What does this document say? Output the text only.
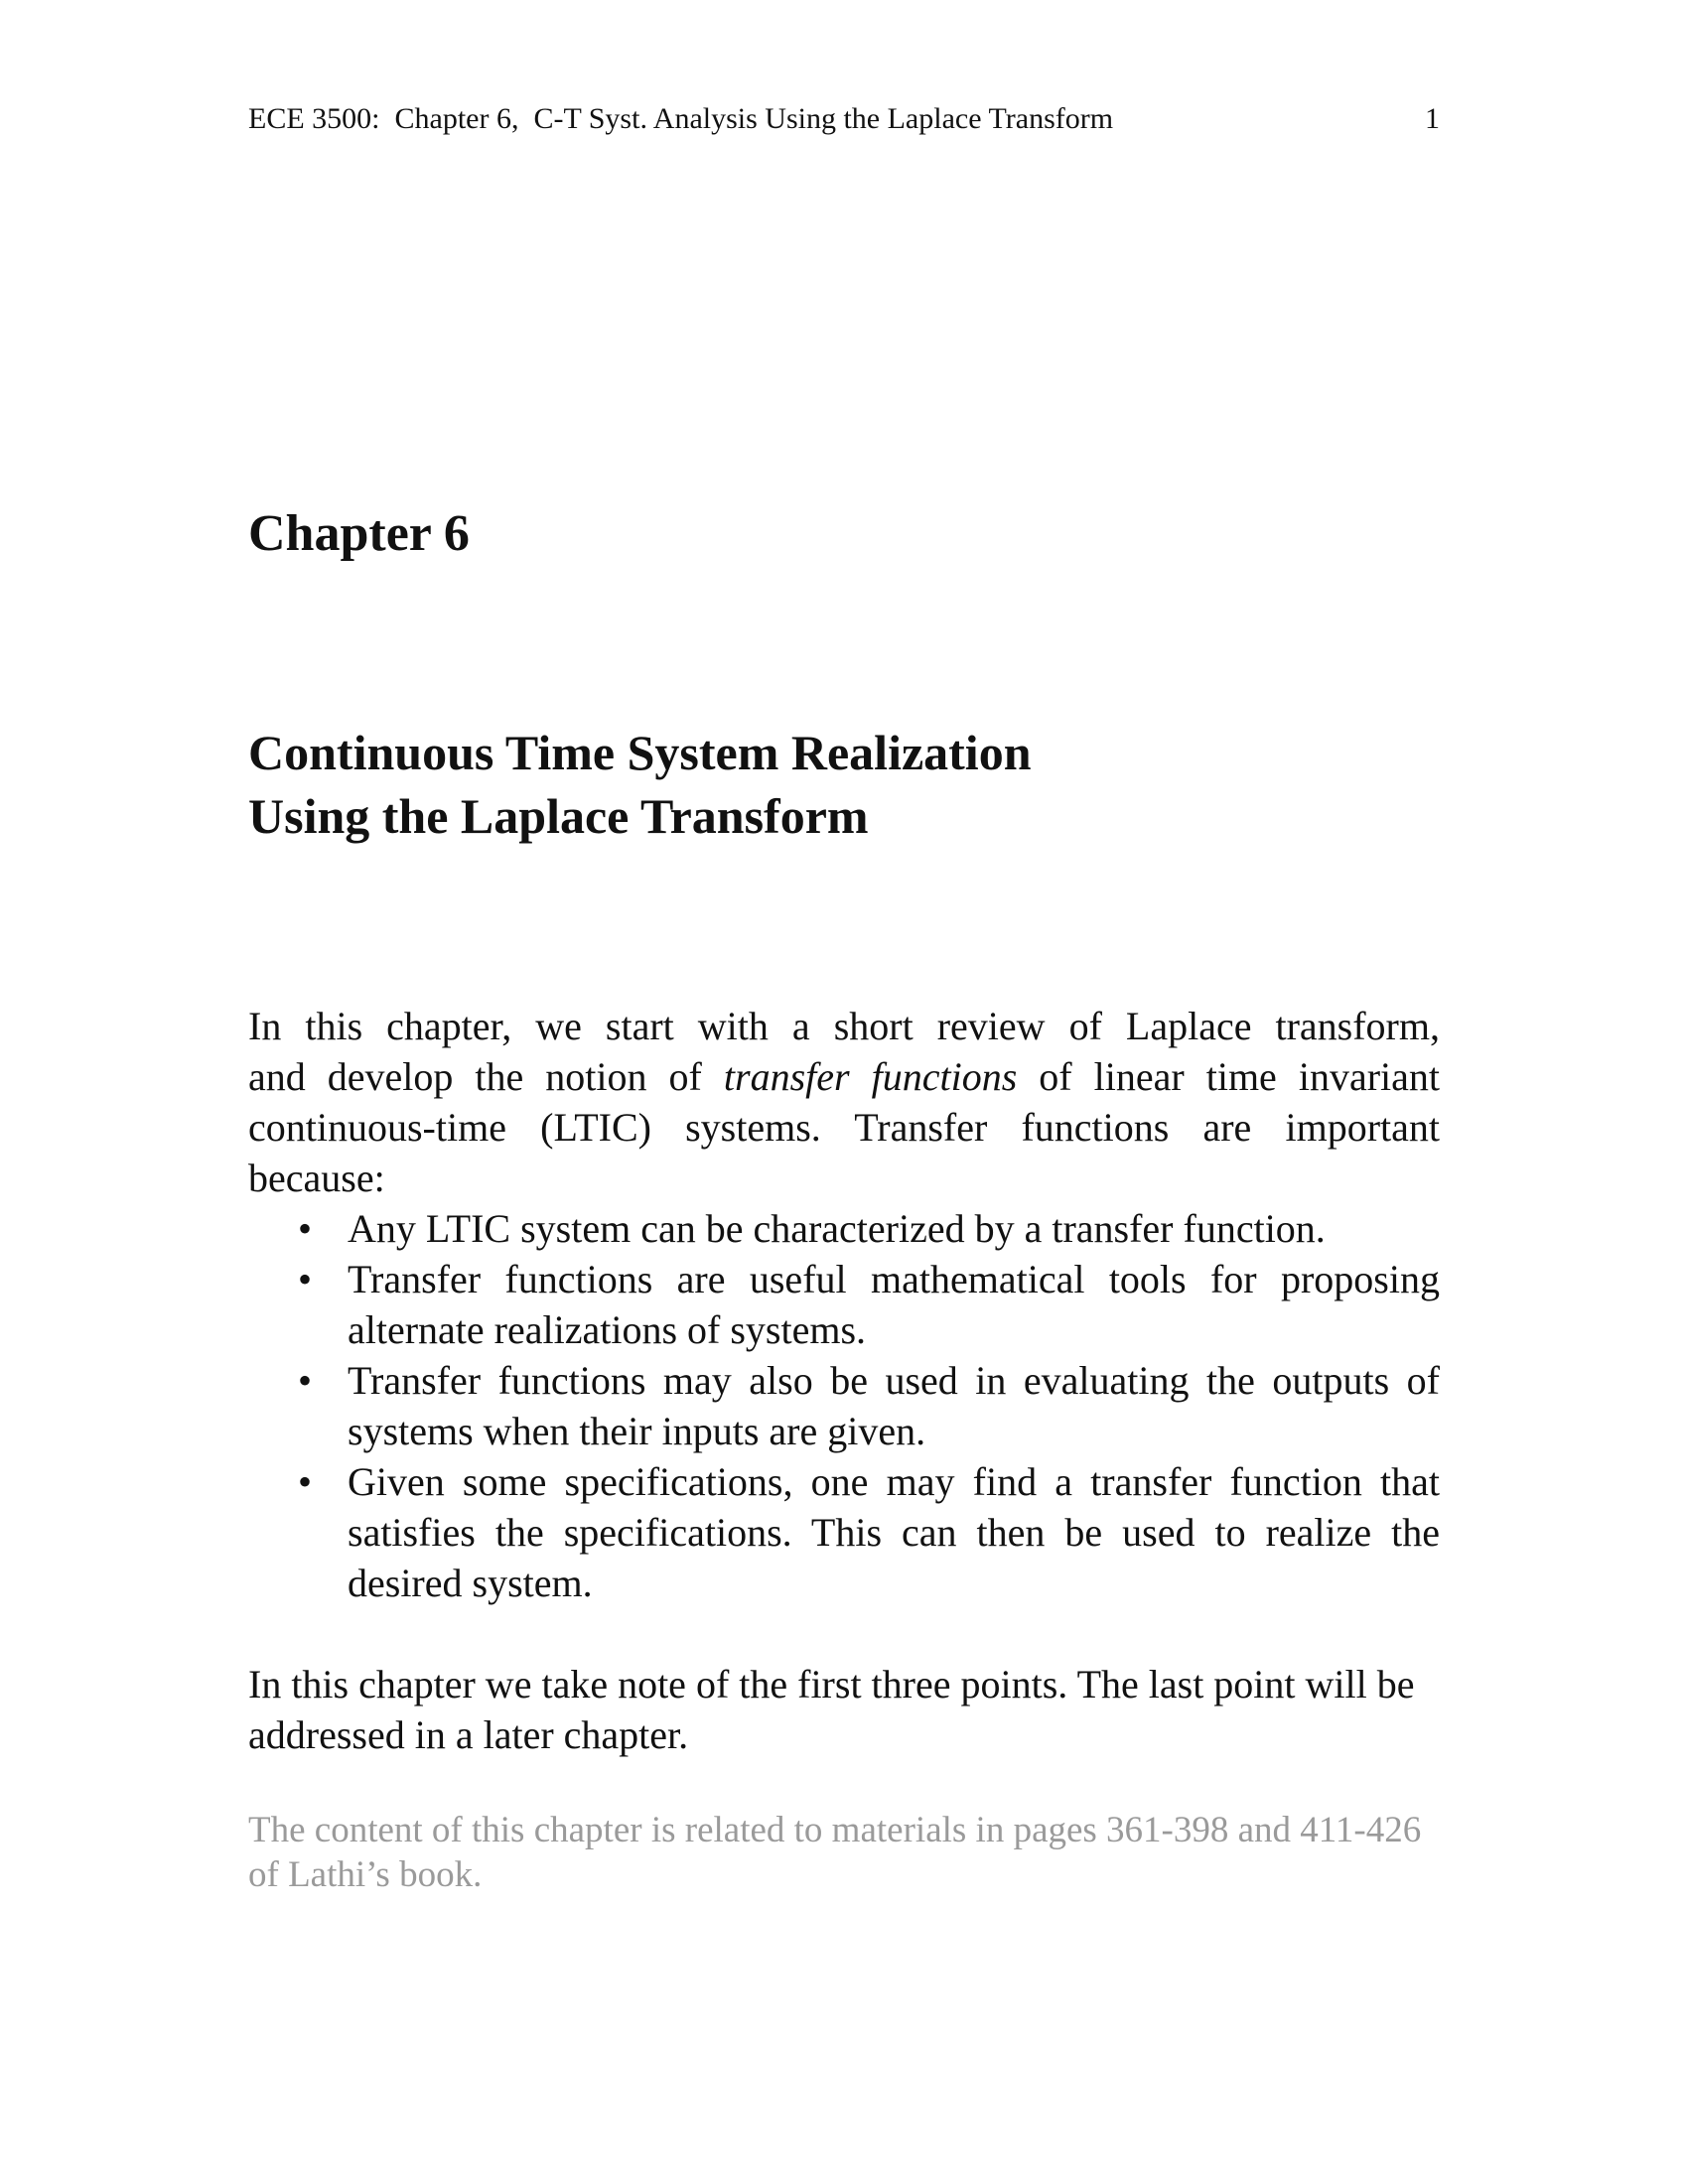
ECE 3500:  Chapter 6,  C-T Syst. Analysis Using the Laplace Transform	1
Chapter 6
Continuous Time System Realization
Using the Laplace Transform
In this chapter, we start with a short review of Laplace transform,
and develop the notion of transfer functions of linear time invariant
continuous-time (LTIC) systems. Transfer functions are important
because:
• Any LTIC system can be characterized by a transfer function.
• Transfer functions are useful mathematical tools for proposing alternate realizations of systems.
• Transfer functions may also be used in evaluating the outputs of systems when their inputs are given.
• Given some specifications, one may find a transfer function that satisfies the specifications. This can then be used to realize the desired system.
In this chapter we take note of the first three points. The last point will be addressed in a later chapter.
The content of this chapter is related to materials in pages 361-398 and 411-426 of Lathi’s book.
